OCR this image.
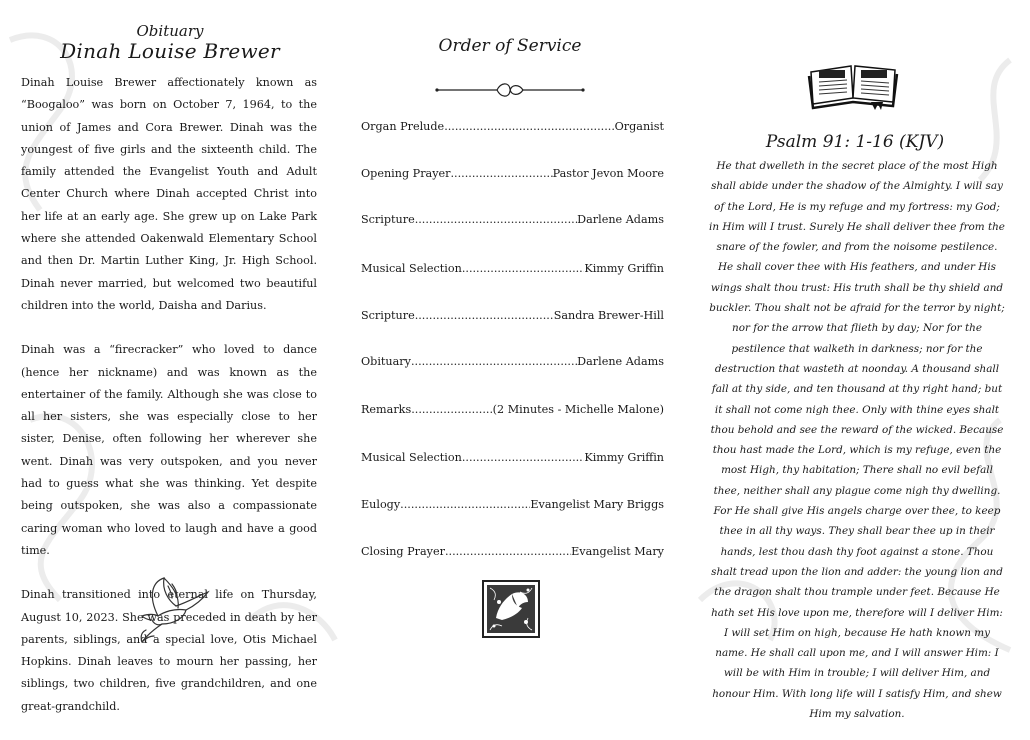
Obituary
Dinah Louise Brewer

Dinah Louise Brewer affectionately known as “Boogaloo” was born on October 7, 1964, to the union of James and Cora Brewer. Dinah was the youngest of five girls and the sixteenth child. The family attended the Evangelist Youth and Adult Center Church where Dinah accepted Christ into her life at an early age. She grew up on Lake Park where she attended Oakenwald Elementary School and then Dr. Martin Luther King, Jr. High School. Dinah never married, but welcomed two beautiful children into the world, Daisha and Darius.

Dinah was a “firecracker” who loved to dance (hence her nickname) and was known as the entertainer of the family. Although she was close to all her sisters, she was especially close to her sister, Denise, often following her wherever she went. Dinah was very outspoken, and you never had to guess what she was thinking. Yet despite being outspoken, she was also a compassionate caring woman who loved to laugh and have a good time.

Dinah transitioned into eternal life on Thursday, August 10, 2023. She was preceded in death by her parents, siblings, and a special love, Otis Michael Hopkins. Dinah leaves to mourn her passing, her siblings, two children, five grandchildren, and one great-grandchild.

Order of Service
Organ Prelude .....	Organist
Opening Prayer .....	Pastor Jevon Moore
Scripture .....	Darlene Adams
Musical Selection .....	Kimmy Griffin
Scripture .....	Sandra Brewer-Hill
Obituary .....	Darlene Adams
Remarks .....	(2 Minutes - Michelle Malone)
Musical Selection .....	Kimmy Griffin
Eulogy .....	Evangelist Mary Briggs
Closing Prayer .....	Evangelist Mary
Psalm 91: 1-16 (KJV)
He that dwelleth in the secret place of the most High shall abide under the shadow of the Almighty. I will say of the Lord, He is my refuge and my fortress: my God; in Him will I trust. Surely He shall deliver thee from the snare of the fowler, and from the noisome pestilence. He shall cover thee with His feathers, and under His wings shalt thou trust: His truth shall be thy shield and buckler. Thou shalt not be afraid for the terror by night; nor for the arrow that flieth by day; Nor for the pestilence that walketh in darkness; nor for the destruction that wasteth at noonday. A thousand shall fall at thy side, and ten thousand at thy right hand; but it shall not come nigh thee. Only with thine eyes shalt thou behold and see the reward of the wicked. Because thou hast made the Lord, which is my refuge, even the most High, thy habitation; There shall no evil befall thee, neither shall any plague come nigh thy dwelling. For He shall give His angels charge over thee, to keep thee in all thy ways. They shall bear thee up in their hands, lest thou dash thy foot against a stone. Thou shalt tread upon the lion and adder: the young lion and the dragon shalt thou trample under feet. Because He hath set His love upon me, therefore will I deliver Him: I will set Him on high, because He hath known my name. He shall call upon me, and I will answer Him: I will be with Him in trouble; I will deliver Him, and honour Him. With long life will I satisfy Him, and shew Him my salvation.
